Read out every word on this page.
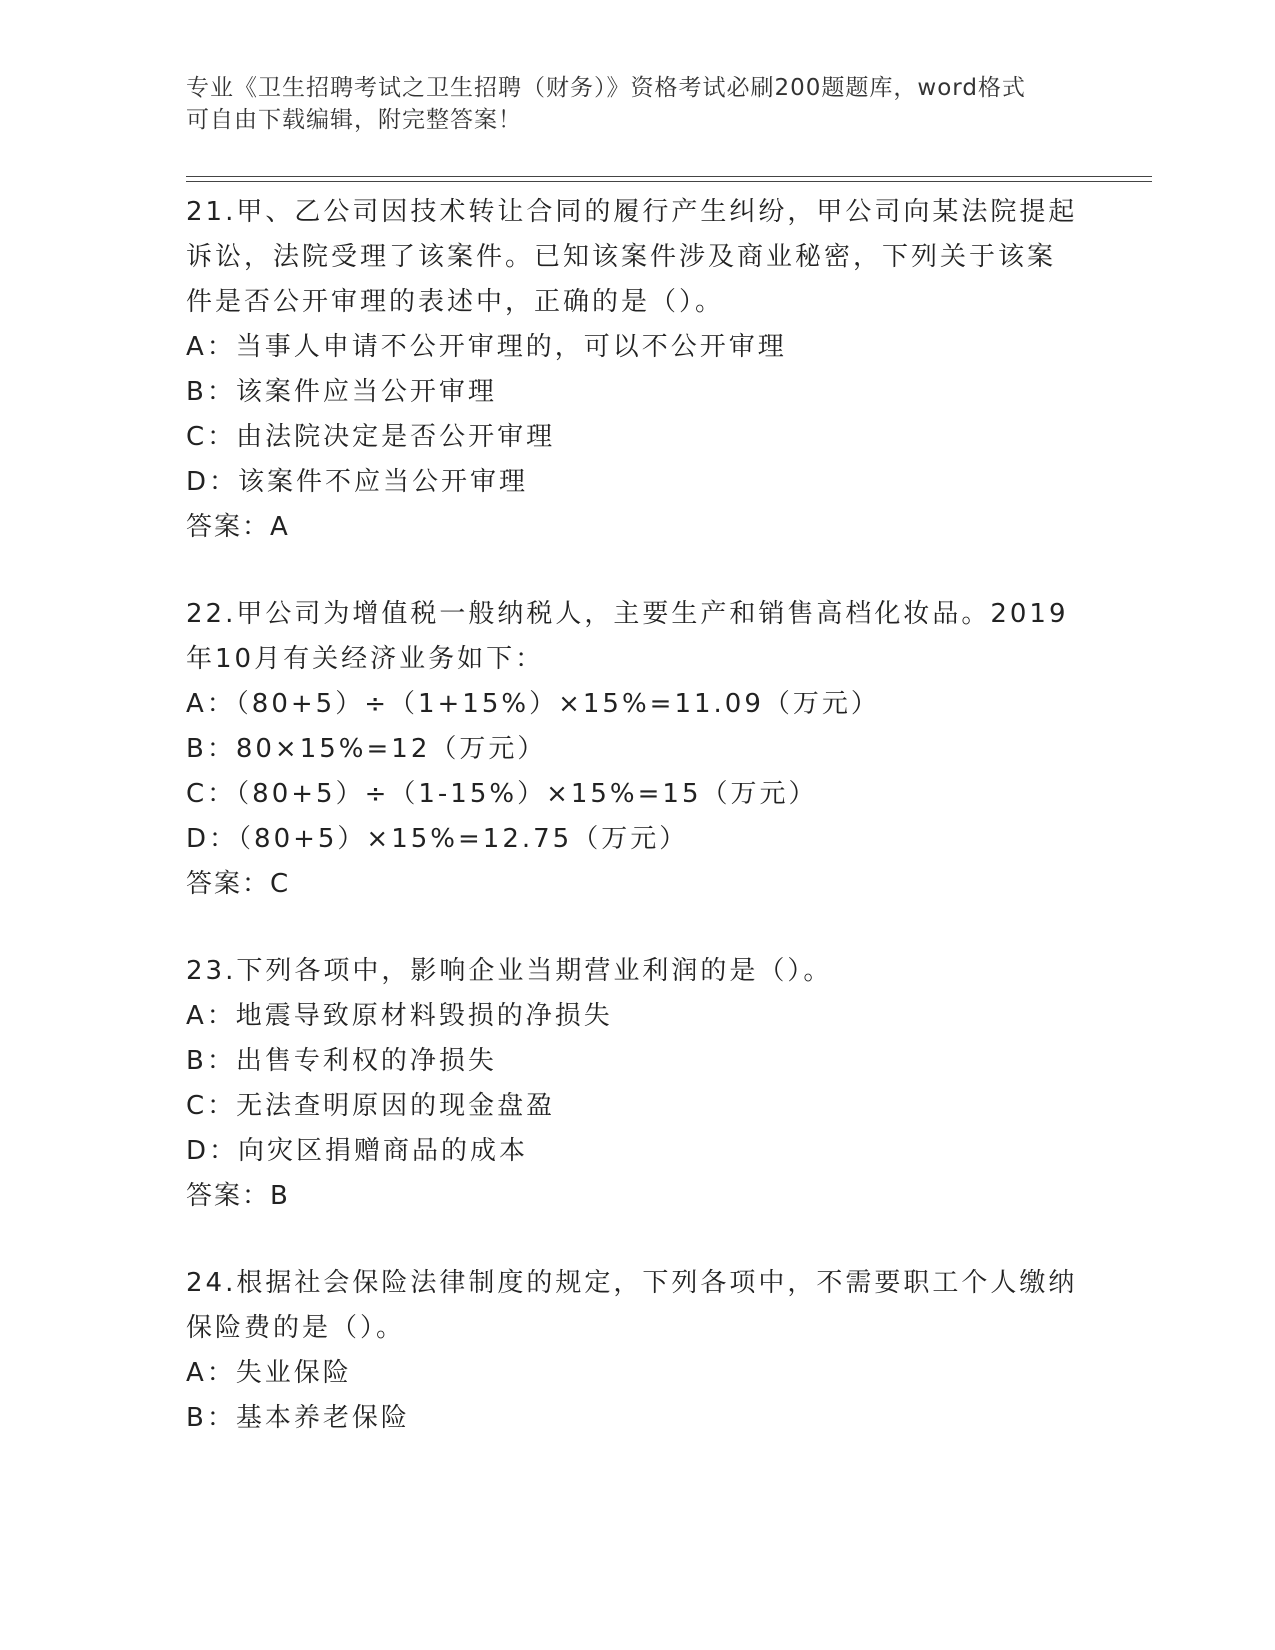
专业《卫生招聘考试之卫生招聘（财务）》资格考试必刷200题题库，word格式
可自由下载编辑，附完整答案！
21.甲、乙公司因技术转让合同的履行产生纠纷，甲公司向某法院提起
诉讼，法院受理了该案件。已知该案件涉及商业秘密，下列关于该案
件是否公开审理的表述中，正确的是（）。
A：当事人申请不公开审理的，可以不公开审理
B：该案件应当公开审理
C：由法院决定是否公开审理
D：该案件不应当公开审理
答案：A
22.甲公司为增值税一般纳税人，主要生产和销售高档化妆品。2019
年10月有关经济业务如下：
A：（80+5）÷（1+15%）×15%=11.09（万元）
B：80×15%=12（万元）
C：（80+5）÷（1-15%）×15%=15（万元）
D：（80+5）×15%=12.75（万元）
答案：C
23.下列各项中，影响企业当期营业利润的是（）。
A：地震导致原材料毁损的净损失
B：出售专利权的净损失
C：无法查明原因的现金盘盈
D：向灾区捐赠商品的成本
答案：B
24.根据社会保险法律制度的规定，下列各项中，不需要职工个人缴纳
保险费的是（）。
A：失业保险
B：基本养老保险
